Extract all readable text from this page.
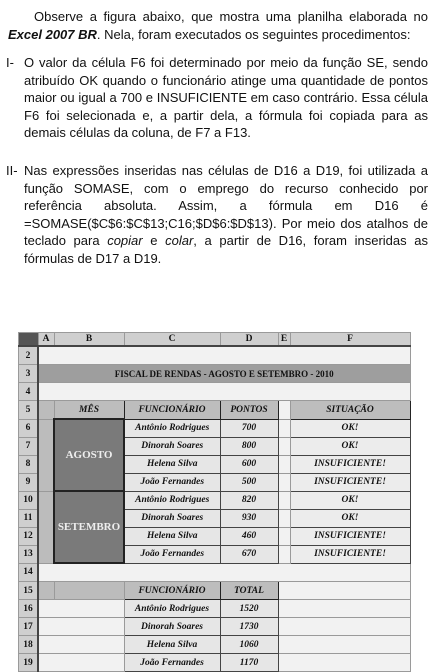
Observe a figura abaixo, que mostra uma planilha elaborada no Excel 2007 BR. Nela, foram executados os seguintes procedimentos:
I- O valor da célula F6 foi determinado por meio da função SE, sendo atribuído OK quando o funcionário atinge uma quantidade de pontos maior ou igual a 700 e INSUFICIENTE em caso contrário. Essa célula F6 foi selecionada e, a partir dela, a fórmula foi copiada para as demais células da coluna, de F7 a F13.
II- Nas expressões inseridas nas células de D16 a D19, foi utilizada a função SOMASE, com o emprego do recurso conhecido por referência absoluta. Assim, a fórmula em D16 é =SOMASE($C$6:$C$13;C16;$D$6:$D$13). Por meio dos atalhos de teclado para copiar e colar, a partir de D16, foram inseridas as fórmulas de D17 a D19.
	A	B	C	D	E	F
2						
3	FISCAL DE RENDAS - AGOSTO E SETEMBRO - 2010					
4						
5		MÊS	FUNCIONÁRIO	PONTOS		SITUAÇÃO
6		AGOSTO	Antônio Rodrigues	700		OK!
7			Dinorah Soares	800		OK!
8			Helena Silva	600		INSUFICIENTE!
9			João Fernandes	500		INSUFICIENTE!
10		SETEMBRO	Antônio Rodrigues	820		OK!
11			Dinorah Soares	930		OK!
12			Helena Silva	460		INSUFICIENTE!
13			João Fernandes	670		INSUFICIENTE!
14						
15			FUNCIONÁRIO	TOTAL		
16			Antônio Rodrigues	1520		
17			Dinorah Soares	1730		
18			Helena Silva	1060		
19			João Fernandes	1170		
